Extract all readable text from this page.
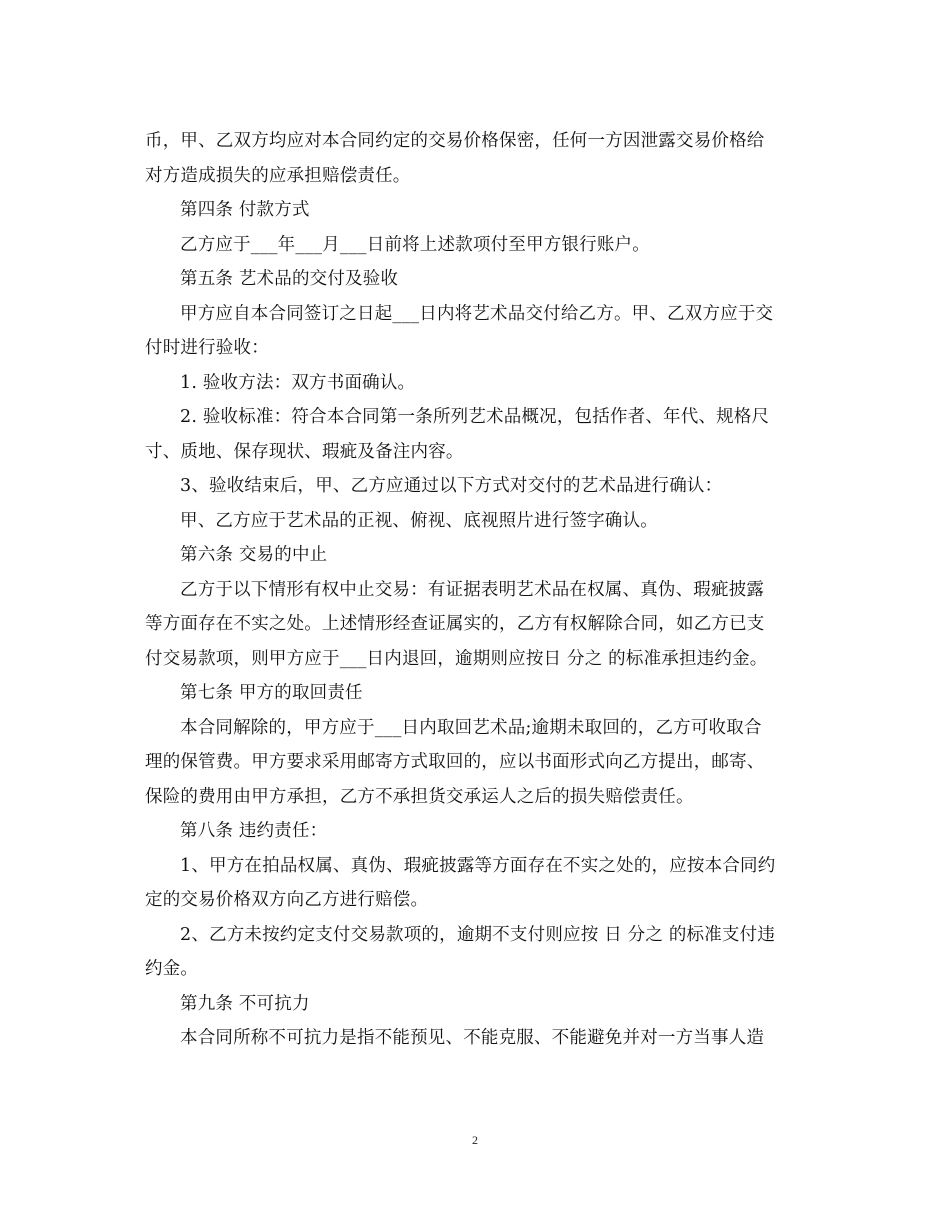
币，甲、乙双方均应对本合同约定的交易价格保密，任何一方因泄露交易价格给
对方造成损失的应承担赔偿责任。
第四条 付款方式
乙方应于___年___月___日前将上述款项付至甲方银行账户。
第五条 艺术品的交付及验收
甲方应自本合同签订之日起___日内将艺术品交付给乙方。甲、乙双方应于交
付时进行验收：
1. 验收方法：双方书面确认。
2. 验收标准：符合本合同第一条所列艺术品概况，包括作者、年代、规格尺
寸、质地、保存现状、瑕疵及备注内容。
3、验收结束后，甲、乙方应通过以下方式对交付的艺术品进行确认：
甲、乙方应于艺术品的正视、俯视、底视照片进行签字确认。
第六条 交易的中止
乙方于以下情形有权中止交易：有证据表明艺术品在权属、真伪、瑕疵披露
等方面存在不实之处。上述情形经查证属实的，乙方有权解除合同，如乙方已支
付交易款项，则甲方应于___日内退回，逾期则应按日 分之 的标准承担违约金。
第七条 甲方的取回责任
本合同解除的，甲方应于___日内取回艺术品;逾期未取回的，乙方可收取合
理的保管费。甲方要求采用邮寄方式取回的，应以书面形式向乙方提出，邮寄、
保险的费用由甲方承担，乙方不承担货交承运人之后的损失赔偿责任。
第八条 违约责任：
1、甲方在拍品权属、真伪、瑕疵披露等方面存在不实之处的，应按本合同约
定的交易价格双方向乙方进行赔偿。
2、乙方未按约定支付交易款项的，逾期不支付则应按 日 分之 的标准支付违
约金。
第九条 不可抗力
本合同所称不可抗力是指不能预见、不能克服、不能避免并对一方当事人造
2
